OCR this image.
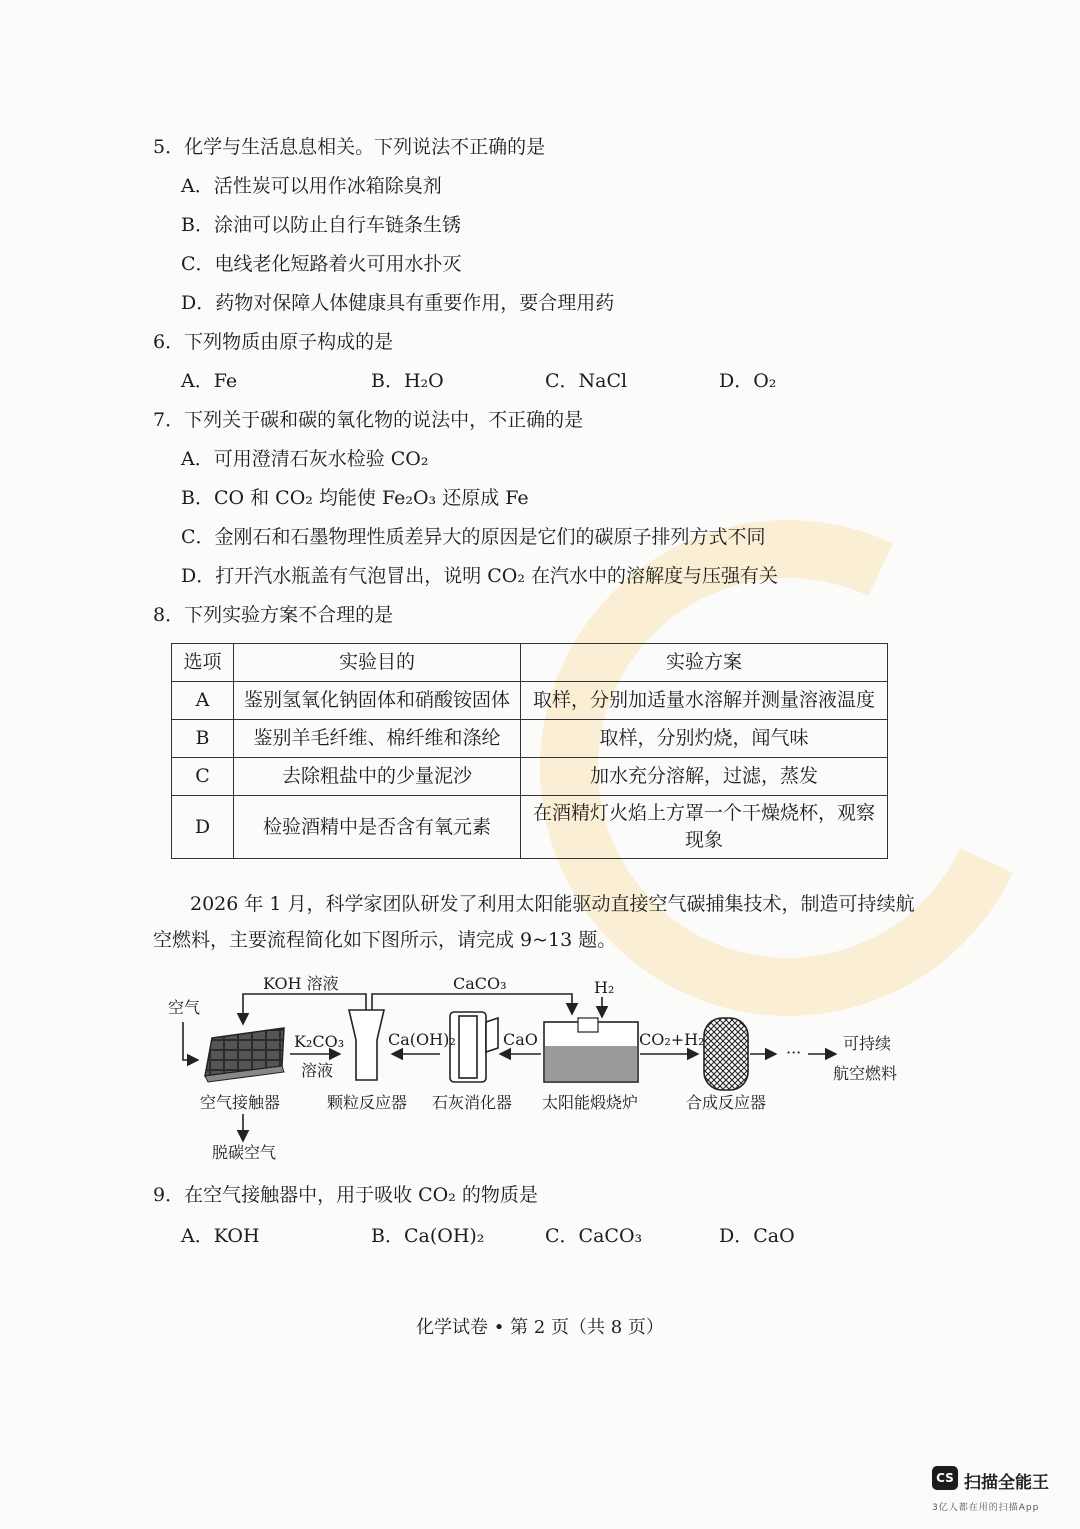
5．化学与生活息息相关。下列说法不正确的是
A．活性炭可以用作冰箱除臭剂
B．涂油可以防止自行车链条生锈
C．电线老化短路着火可用水扑灭
D．药物对保障人体健康具有重要作用，要合理用药
6．下列物质由原子构成的是
A．Fe	B．H₂O	C．NaCl	D．O₂
7．下列关于碳和碳的氧化物的说法中，不正确的是
A．可用澄清石灰水检验 CO₂
B．CO 和 CO₂ 均能使 Fe₂O₃ 还原成 Fe
C．金刚石和石墨物理性质差异大的原因是它们的碳原子排列方式不同
D．打开汽水瓶盖有气泡冒出，说明 CO₂ 在汽水中的溶解度与压强有关
8．下列实验方案不合理的是
选项	实验目的	实验方案
A	鉴别氢氧化钠固体和硝酸铵固体	取样，分别加适量水溶解并测量溶液温度
B	鉴别羊毛纤维、棉纤维和涤纶	取样，分别灼烧，闻气味
C	去除粗盐中的少量泥沙	加水充分溶解，过滤，蒸发
D	检验酒精中是否含有氧元素	在酒精灯火焰上方罩一个干燥烧杯，观察现象
2026 年 1 月，科学家团队研发了利用太阳能驱动直接空气碳捕集技术，制造可持续航
空燃料，主要流程简化如下图所示，请完成 9~13 题。
空气
KOH 溶液	CaCO₃	H₂
K₂CO₃
溶液
Ca(OH)₂	CaO	CO₂+H₂
···	可持续
航空燃料
空气接触器	颗粒反应器 石灰消化器 太阳能煅烧炉	合成反应器
脱碳空气
9．在空气接触器中，用于吸收 CO₂ 的物质是
A．KOH	B．Ca(OH)₂	C．CaCO₃	D．CaO
化学试卷 • 第 2 页（共 8 页）
CS 扫描全能王
3亿人都在用的扫描App
